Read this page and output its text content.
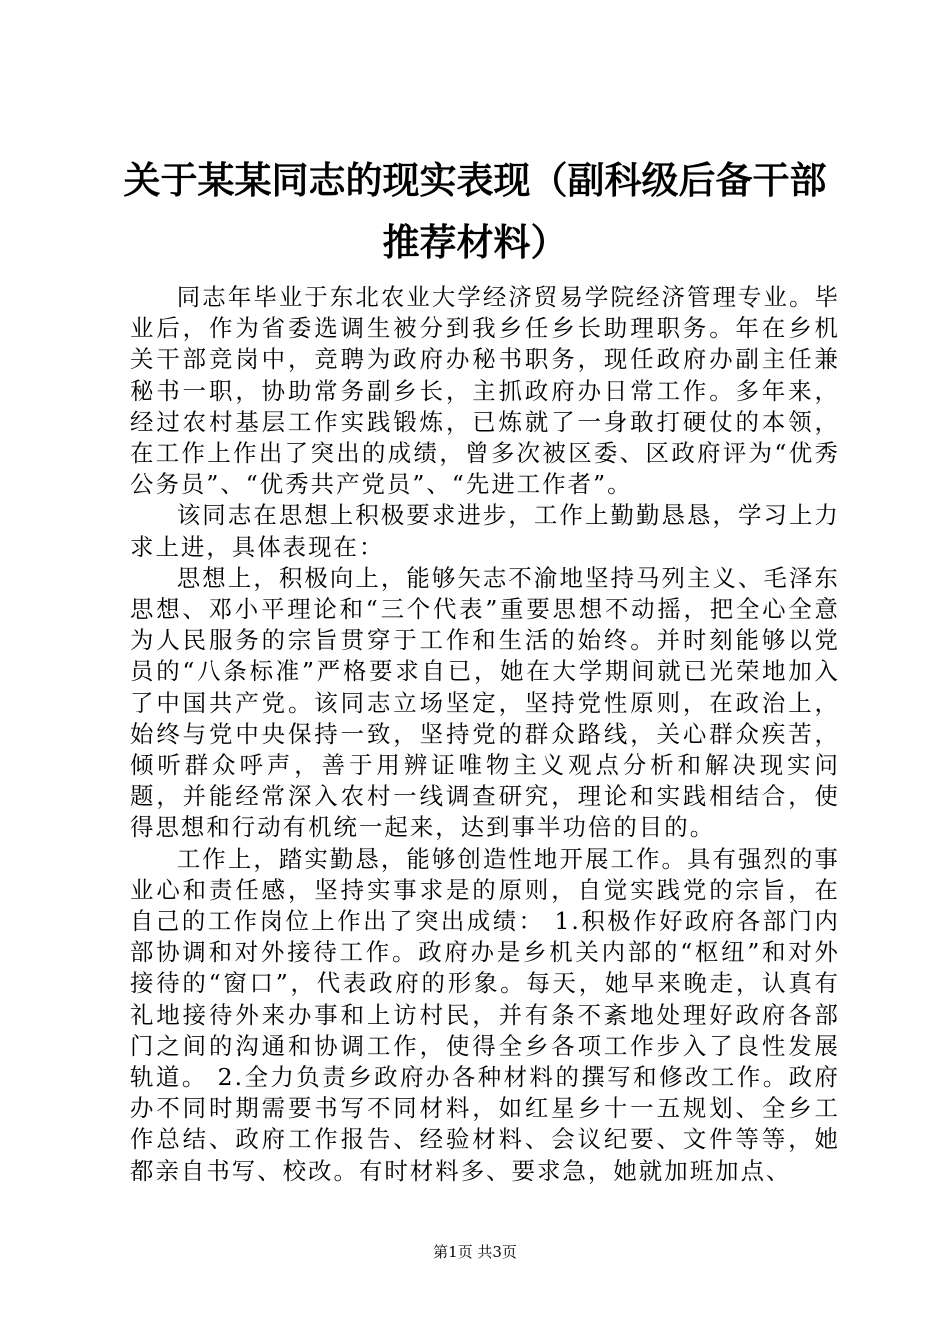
关于某某同志的现实表现（副科级后备干部推荐材料）

同志年毕业于东北农业大学经济贸易学院经济管理专业。毕业后，作为省委选调生被分到我乡任乡长助理职务。年在乡机关干部竞岗中，竞聘为政府办秘书职务，现任政府办副主任兼秘书一职，协助常务副乡长，主抓政府办日常工作。多年来，经过农村基层工作实践锻炼，已炼就了一身敢打硬仗的本领，在工作上作出了突出的成绩，曾多次被区委、区政府评为“优秀公务员”、“优秀共产党员”、“先进工作者”。

该同志在思想上积极要求进步，工作上勤勤恳恳，学习上力求上进，具体表现在：

思想上，积极向上，能够矢志不渝地坚持马列主义、毛泽东思想、邓小平理论和“三个代表”重要思想不动摇，把全心全意为人民服务的宗旨贯穿于工作和生活的始终。并时刻能够以党员的“八条标准”严格要求自已，她在大学期间就已光荣地加入了中国共产党。该同志立场坚定，坚持党性原则，在政治上，始终与党中央保持一致，坚持党的群众路线，关心群众疾苦，倾听群众呼声，善于用辨证唯物主义观点分析和解决现实问题，并能经常深入农村一线调查研究，理论和实践相结合，使得思想和行动有机统一起来，达到事半功倍的目的。

工作上，踏实勤恳，能够创造性地开展工作。具有强烈的事业心和责任感，坚持实事求是的原则，自觉实践党的宗旨，在自己的工作岗位上作出了突出成绩： 1.积极作好政府各部门内部协调和对外接待工作。政府办是乡机关内部的“枢纽”和对外接待的“窗口”，代表政府的形象。每天，她早来晚走，认真有礼地接待外来办事和上访村民，并有条不紊地处理好政府各部门之间的沟通和协调工作，使得全乡各项工作步入了良性发展轨道。 2.全力负责乡政府办各种材料的撰写和修改工作。政府办不同时期需要书写不同材料，如红星乡十一五规划、全乡工作总结、政府工作报告、经验材料、会议纪要、文件等等，她都亲自书写、校改。有时材料多、要求急，她就加班加点、

第1页 共3页
